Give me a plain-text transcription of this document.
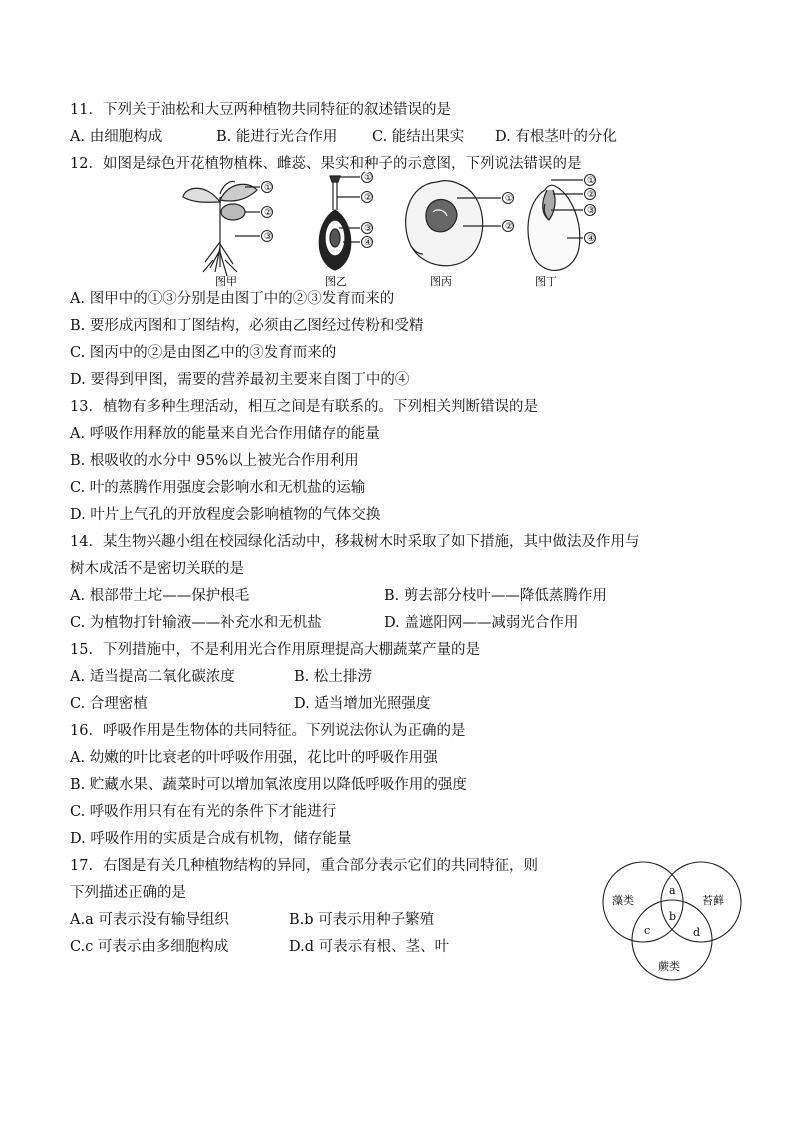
11．下列关于油松和大豆两种植物共同特征的叙述错误的是
A. 由细胞构成	B. 能进行光合作用 C. 能结出果实 D. 有根茎叶的分化
12．如图是绿色开花植物植株、雌蕊、果实和种子的示意图，下列说法错误的是
①
②
③
图甲
①
②
③
④
图乙
①
②
图丙
①
②
③
④
图丁
A. 图甲中的①③分别是由图丁中的②③发育而来的
B. 要形成丙图和丁图结构，必须由乙图经过传粉和受精
C. 图丙中的②是由图乙中的③发育而来的
D. 要得到甲图，需要的营养最初主要来自图丁中的④
13．植物有多种生理活动，相互之间是有联系的。下列相关判断错误的是
A. 呼吸作用释放的能量来自光合作用储存的能量
B. 根吸收的水分中 95%以上被光合作用利用
C. 叶的蒸腾作用强度会影响水和无机盐的运输
D. 叶片上气孔的开放程度会影响植物的气体交换
14．某生物兴趣小组在校园绿化活动中，移栽树木时采取了如下措施，其中做法及作用与
树木成活不是密切关联的是
A. 根部带土坨——保护根毛	B. 剪去部分枝叶——降低蒸腾作用
C. 为植物打针输液——补充水和无机盐	D. 盖遮阳网——减弱光合作用
15．下列措施中，不是利用光合作用原理提高大棚蔬菜产量的是
A. 适当提高二氧化碳浓度	B. 松土排涝
C. 合理密植	D. 适当增加光照强度
16．呼吸作用是生物体的共同特征。下列说法你认为正确的是
A. 幼嫩的叶比衰老的叶呼吸作用强，花比叶的呼吸作用强
B. 贮藏水果、蔬菜时可以增加氧浓度用以降低呼吸作用的强度
C. 呼吸作用只有在有光的条件下才能进行
D. 呼吸作用的实质是合成有机物，储存能量
17．右图是有关几种植物结构的异同，重合部分表示它们的共同特征，则
下列描述正确的是
A.a 可表示没有输导组织	B.b 可表示用种子繁殖
C.c 可表示由多细胞构成	D.d 可表示有根、茎、叶
藻类	苔藓
蕨类
a
b
c	d
